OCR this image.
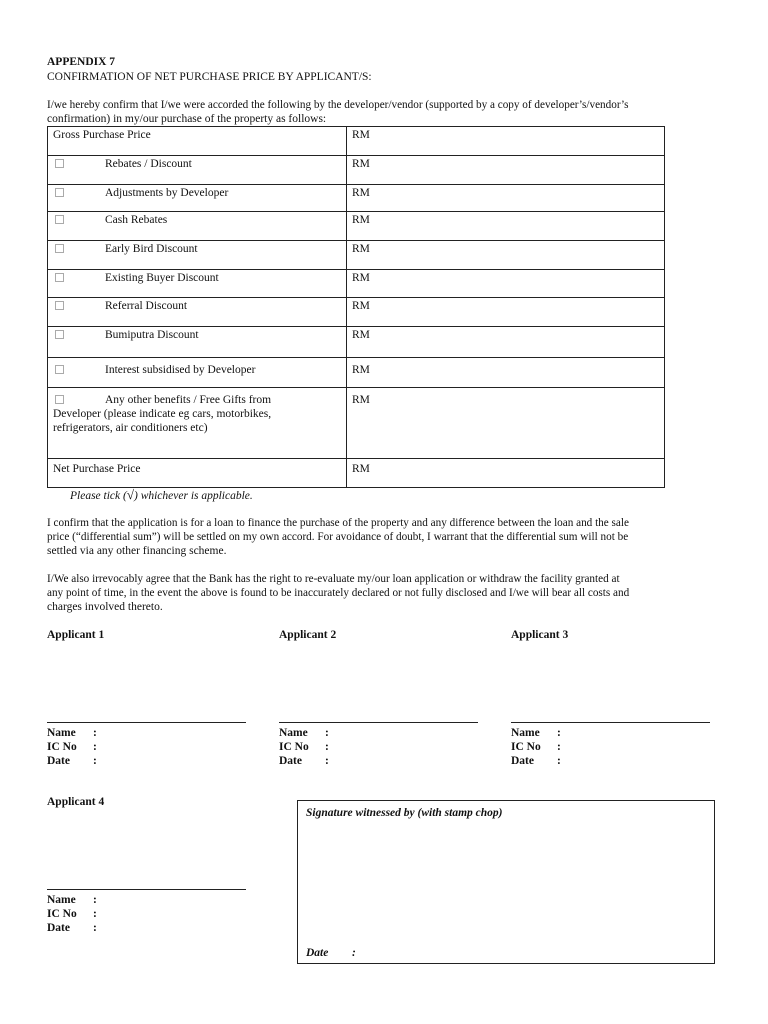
APPENDIX 7
CONFIRMATION OF NET PURCHASE PRICE BY APPLICANT/S:
I/we hereby confirm that I/we were accorded the following by the developer/vendor (supported by a copy of developer’s/vendor’s
confirmation) in my/our purchase of the property as follows:
Gross Purchase Price	RM

Rebates / Discount	RM

Adjustments by Developer	RM

Cash Rebates	RM

Early Bird Discount	RM

Existing Buyer Discount	RM

Referral Discount	RM

Bumiputra Discount	RM

Interest subsidised by Developer	RM

Any other benefits / Free Gifts from
Developer (please indicate eg cars, motorbikes,
refrigerators, air conditioners etc)	RM
Net Purchase Price	RM
Please tick (√) whichever is applicable.
I confirm that the application is for a loan to finance the purchase of the property and any difference between the loan and the sale
price (“differential sum”) will be settled on my own accord. For avoidance of doubt, I warrant that the differential sum will not be
settled via any other financing scheme.
I/We also irrevocably agree that the Bank has the right to re-evaluate my/our loan application or withdraw the facility granted at
any point of time, in the event the above is found to be inaccurately declared or not fully disclosed and I/we will bear all costs and
charges involved thereto.
Applicant 1	Applicant 2	Applicant 3
Name :
IC No :
Date :
Name :
IC No :
Date :
Name :
IC No :
Date :
Applicant 4
Name :
IC No :
Date :
Signature witnessed by (with stamp chop)
Date :
